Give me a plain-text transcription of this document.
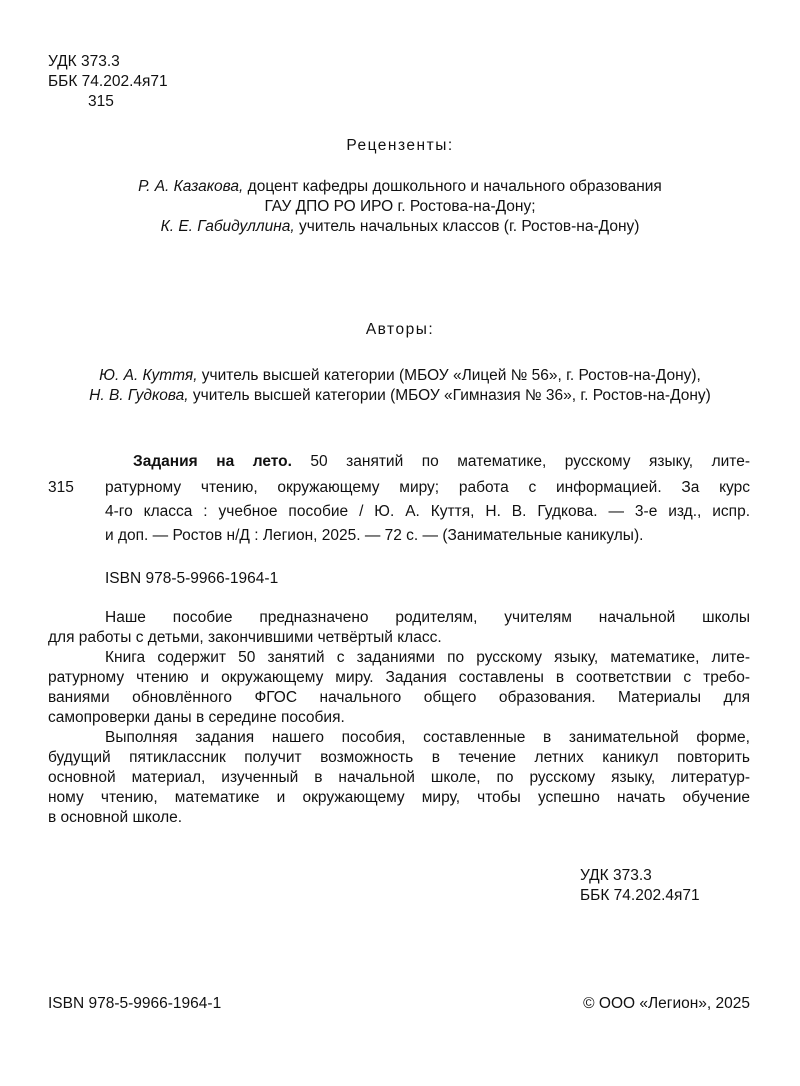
УДК 373.3
ББК 74.202.4я71
315
Рецензенты:
Р. А. Казакова, доцент кафедры дошкольного и начального образования
ГАУ ДПО РО ИРО г. Ростова-на-Дону;
К. Е. Габидуллина, учитель начальных классов (г. Ростов-на-Дону)
Авторы:
Ю. А. Куття, учитель высшей категории (МБОУ «Лицей № 56», г. Ростов-на-Дону),
Н. В. Гудкова, учитель высшей категории (МБОУ «Гимназия № 36», г. Ростов-на-Дону)
Задания на лето. 50 занятий по математике, русскому языку, лите-
315 ратурному чтению, окружающему миру; работа с информацией. За курс
4-го класса : учебное пособие / Ю. А. Куття, Н. В. Гудкова. — 3-е изд., испр.
и доп. — Ростов н/Д : Легион, 2025. — 72 с. — (Занимательные каникулы).
ISBN 978-5-9966-1964-1
Наше пособие предназначено родителям, учителям начальной школы
для работы с детьми, закончившими четвёртый класс.
Книга содержит 50 занятий с заданиями по русскому языку, математике, лите-
ратурному чтению и окружающему миру. Задания составлены в соответствии с требо-
ваниями обновлённого ФГОС начального общего образования. Материалы для
самопроверки даны в середине пособия.
Выполняя задания нашего пособия, составленные в занимательной форме,
будущий пятиклассник получит возможность в течение летних каникул повторить
основной материал, изученный в начальной школе, по русскому языку, литератур-
ному чтению, математике и окружающему миру, чтобы успешно начать обучение
в основной школе.
УДК 373.3
ББК 74.202.4я71
ISBN 978-5-9966-1964-1	© ООО «Легион», 2025
